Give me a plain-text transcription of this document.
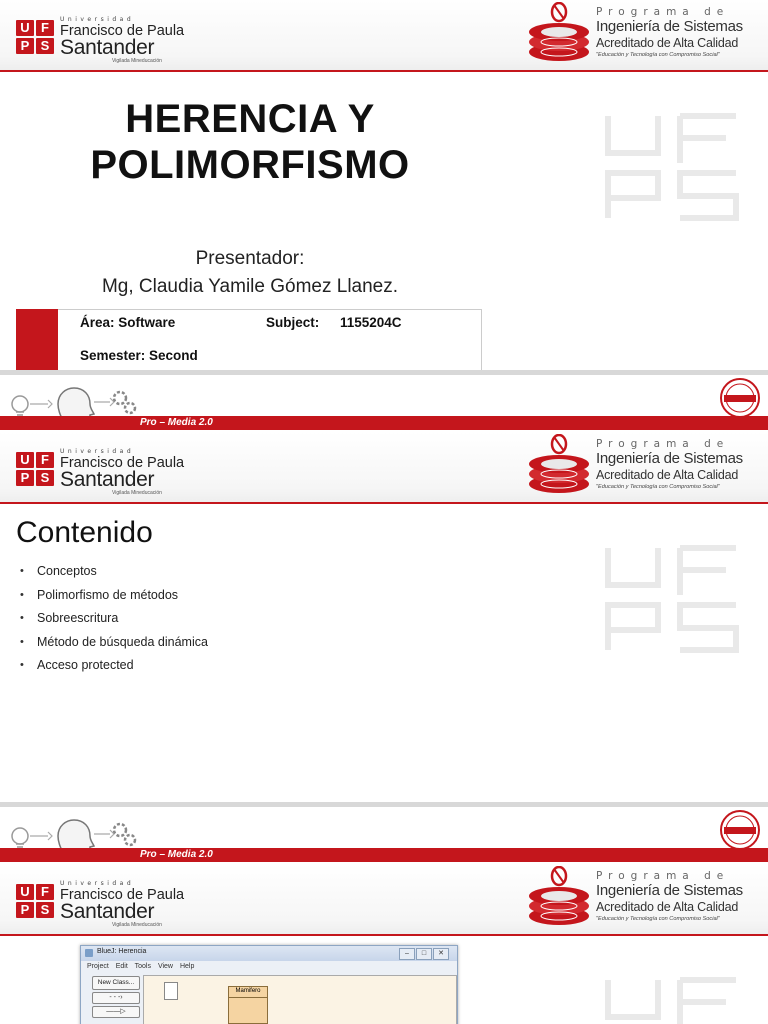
U F
P S
Universidad
Francisco de Paula
Santander
Vigilada Mineducación
Programa de
Ingeniería de Sistemas
Acreditado de Alta Calidad
"Educación y Tecnología con Compromiso Social"
HERENCIA Y
POLIMORFISMO
Presentador:
Mg, Claudia Yamile Gómez Llanez.
Área: Software	Subject: 1155204C
Semester: Second
Pro – Media 2.0
U F
P S
Universidad
Francisco de Paula
Santander
Vigilada Mineducación
Programa de
Ingeniería de Sistemas
Acreditado de Alta Calidad
"Educación y Tecnología con Compromiso Social"
Contenido
• Conceptos
• Polimorfismo de métodos
• Sobreescritura
• Método de búsqueda dinámica
• Acceso protected
Pro – Media 2.0
U F
P S
Universidad
Francisco de Paula
Santander
Vigilada Mineducación
Programa de
Ingeniería de Sistemas
Acreditado de Alta Calidad
"Educación y Tecnología con Compromiso Social"
BlueJ: Herencia	–	□	✕
Project Edit Tools View Help
New Class...
- - -›
——▷
Mamifero
